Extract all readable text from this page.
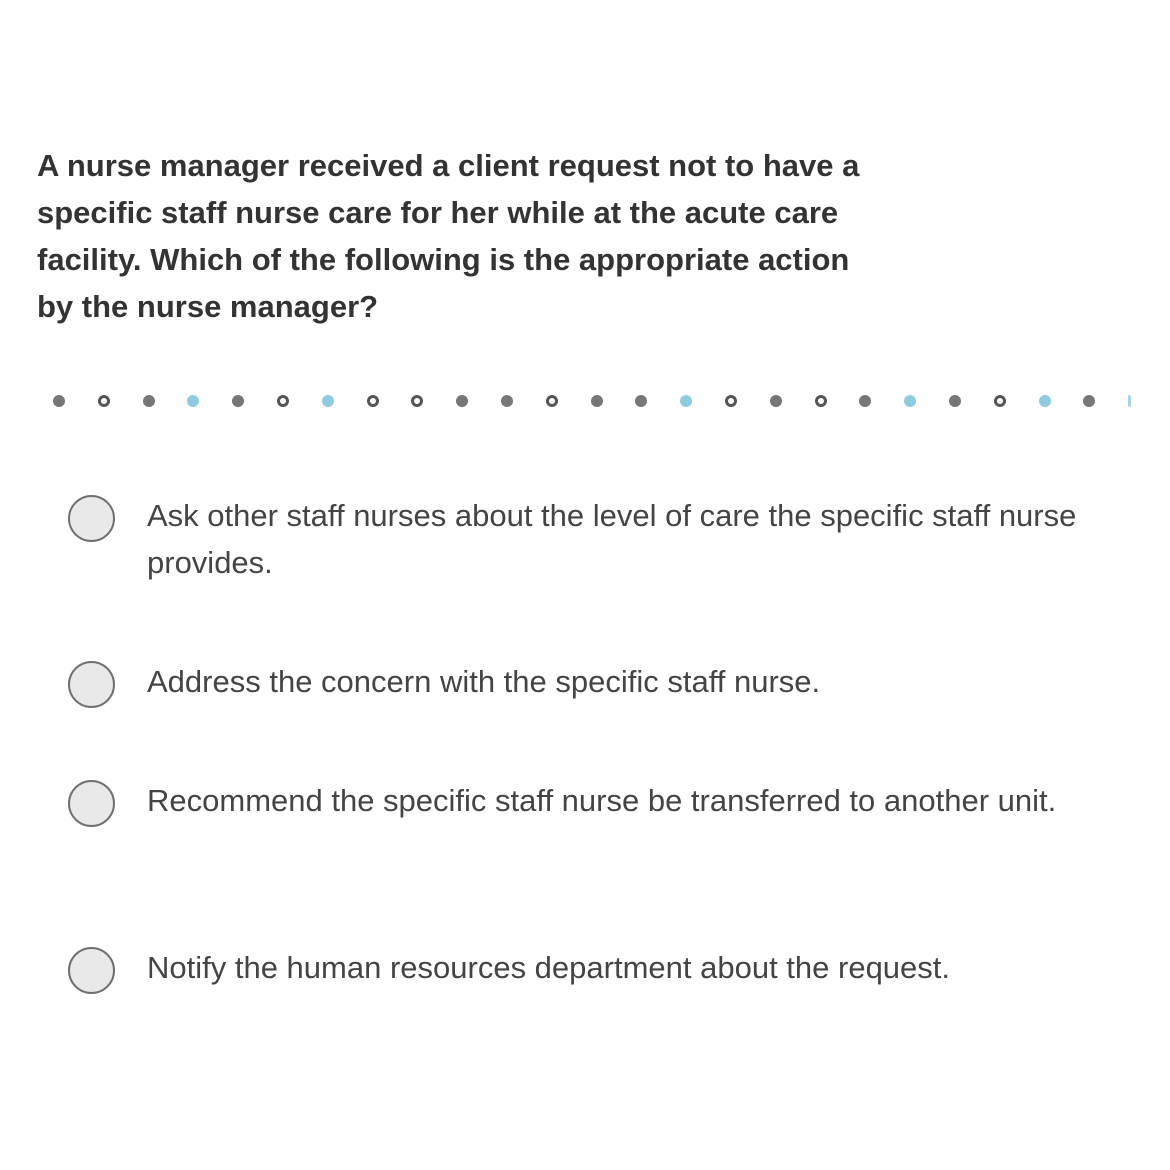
A nurse manager received a client request not to have a specific staff nurse care for her while at the acute care facility. Which of the following is the appropriate action by the nurse manager?

Ask other staff nurses about the level of care the specific staff nurse provides.
Address the concern with the specific staff nurse.
Recommend the specific staff nurse be transferred to another unit.
Notify the human resources department about the request.
